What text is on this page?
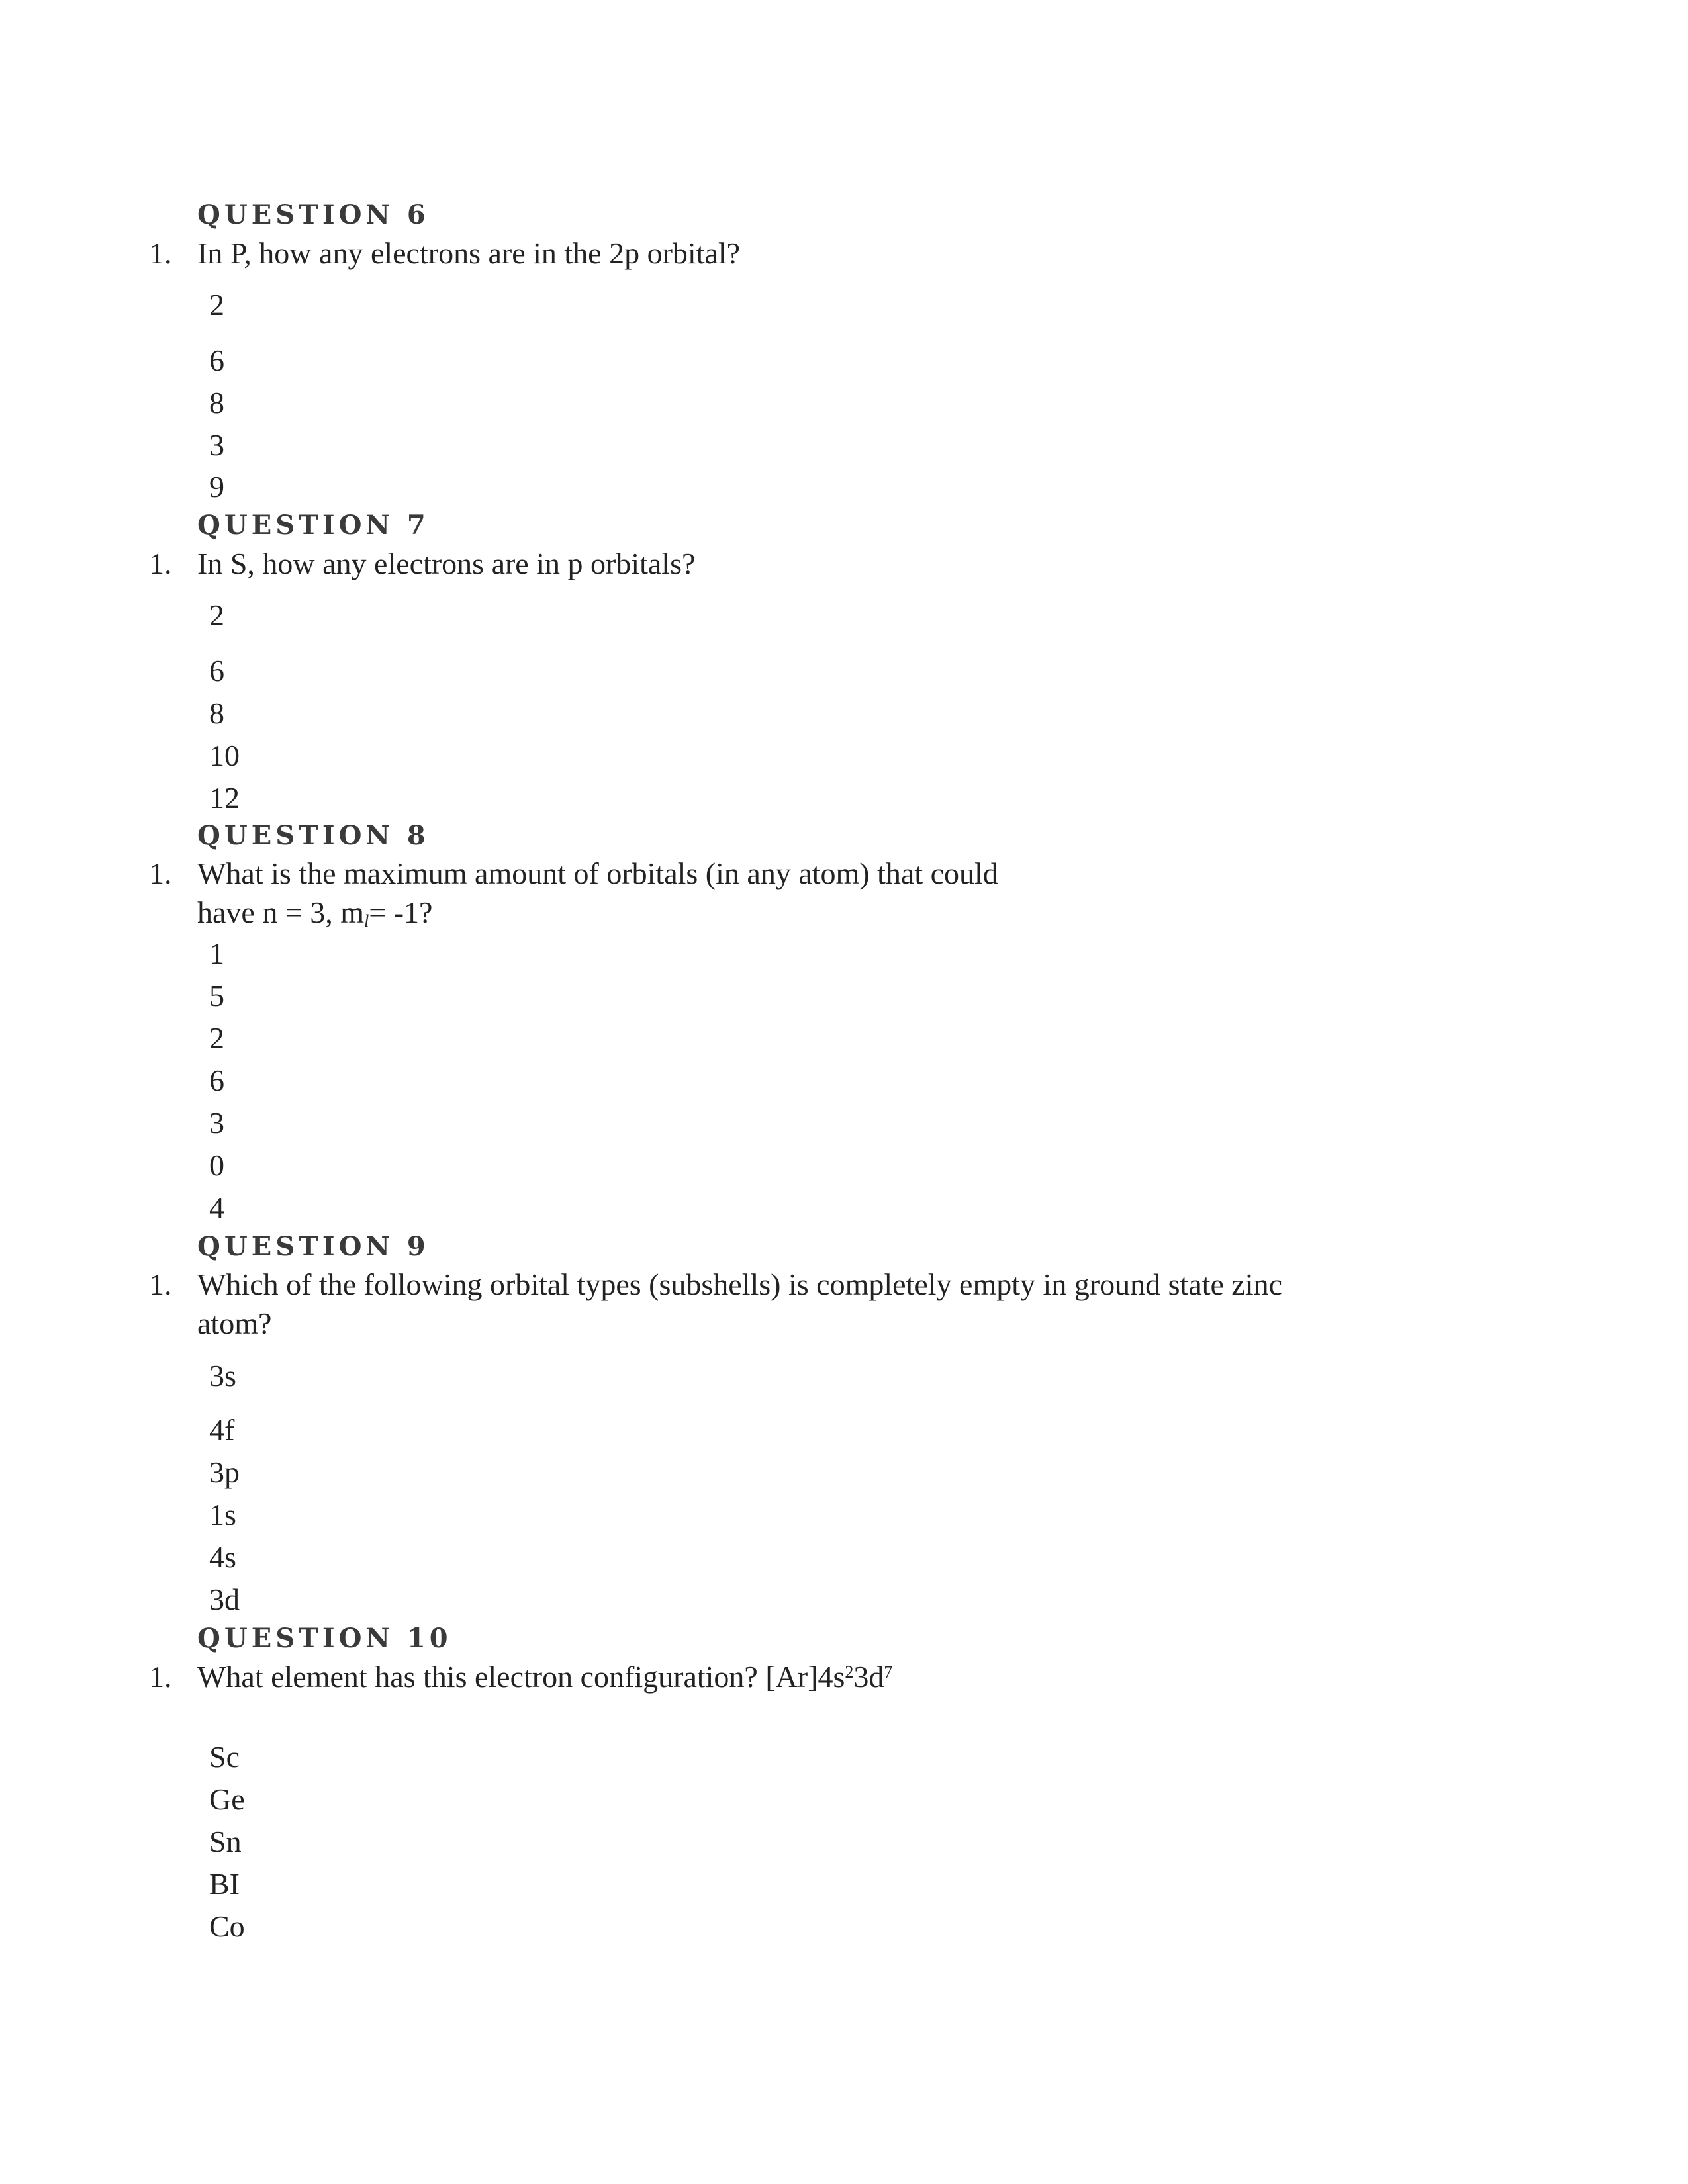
QUESTION 6
1. In P, how any electrons are in the 2p orbital?
2
6
8
3
9
QUESTION 7
1. In S, how any electrons are in p orbitals?
2
6
8
10
12
QUESTION 8
1. What is the maximum amount of orbitals (in any atom) that could
have n = 3, ml= -1?
1
5
2
6
3
0
4
QUESTION 9
1. Which of the following orbital types (subshells) is completely empty in ground state zinc
atom?
3s
4f
3p
1s
4s
3d
QUESTION 10
1. What element has this electron configuration? $[Ar]4s^23d^7$
Sc
Ge
Sn
BI
Co
